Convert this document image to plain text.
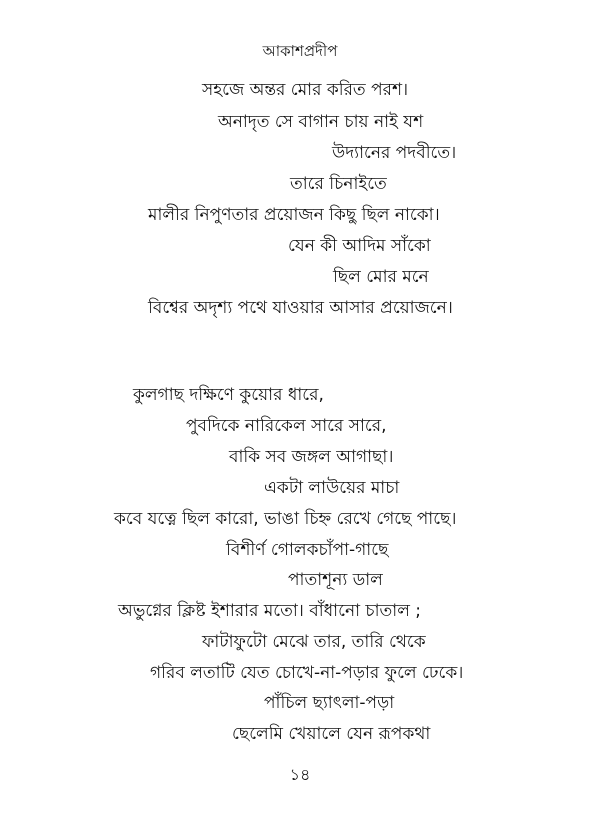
আকাশপ্রদীপ
সহজে অন্তর মোর করিত পরশ।
অনাদৃত সে বাগান চায় নাই যশ
উদ্যানের পদবীতে।
তারে চিনাইতে
মালীর নিপুণতার প্রয়োজন কিছু ছিল নাকো।
যেন কী আদিম সাঁকো
ছিল মোর মনে
বিশ্বের অদৃশ্য পথে যাওয়ার আসার প্রয়োজনে।
কুলগাছ দক্ষিণে কুয়োর ধারে,
পুবদিকে নারিকেল সারে সারে,
বাকি সব জঙ্গল আগাছা।
একটা লাউয়ের মাচা
কবে যত্নে ছিল কারো, ভাঙা চিহ্ন রেখে গেছে পাছে।
বিশীর্ণ গোলকচাঁপা-গাছে
পাতাশূন্য ডাল
অভুগ্নের ক্লিষ্ট ইশারার মতো। বাঁধানো চাতাল ;
ফাটাফুটো মেঝে তার, তারি থেকে
গরিব লতাটি যেত চোখে-না-পড়ার ফুলে ঢেকে।
পাঁচিল ছ্যাৎলা-পড়া
ছেলেমি খেয়ালে যেন রূপকথা
১৪
